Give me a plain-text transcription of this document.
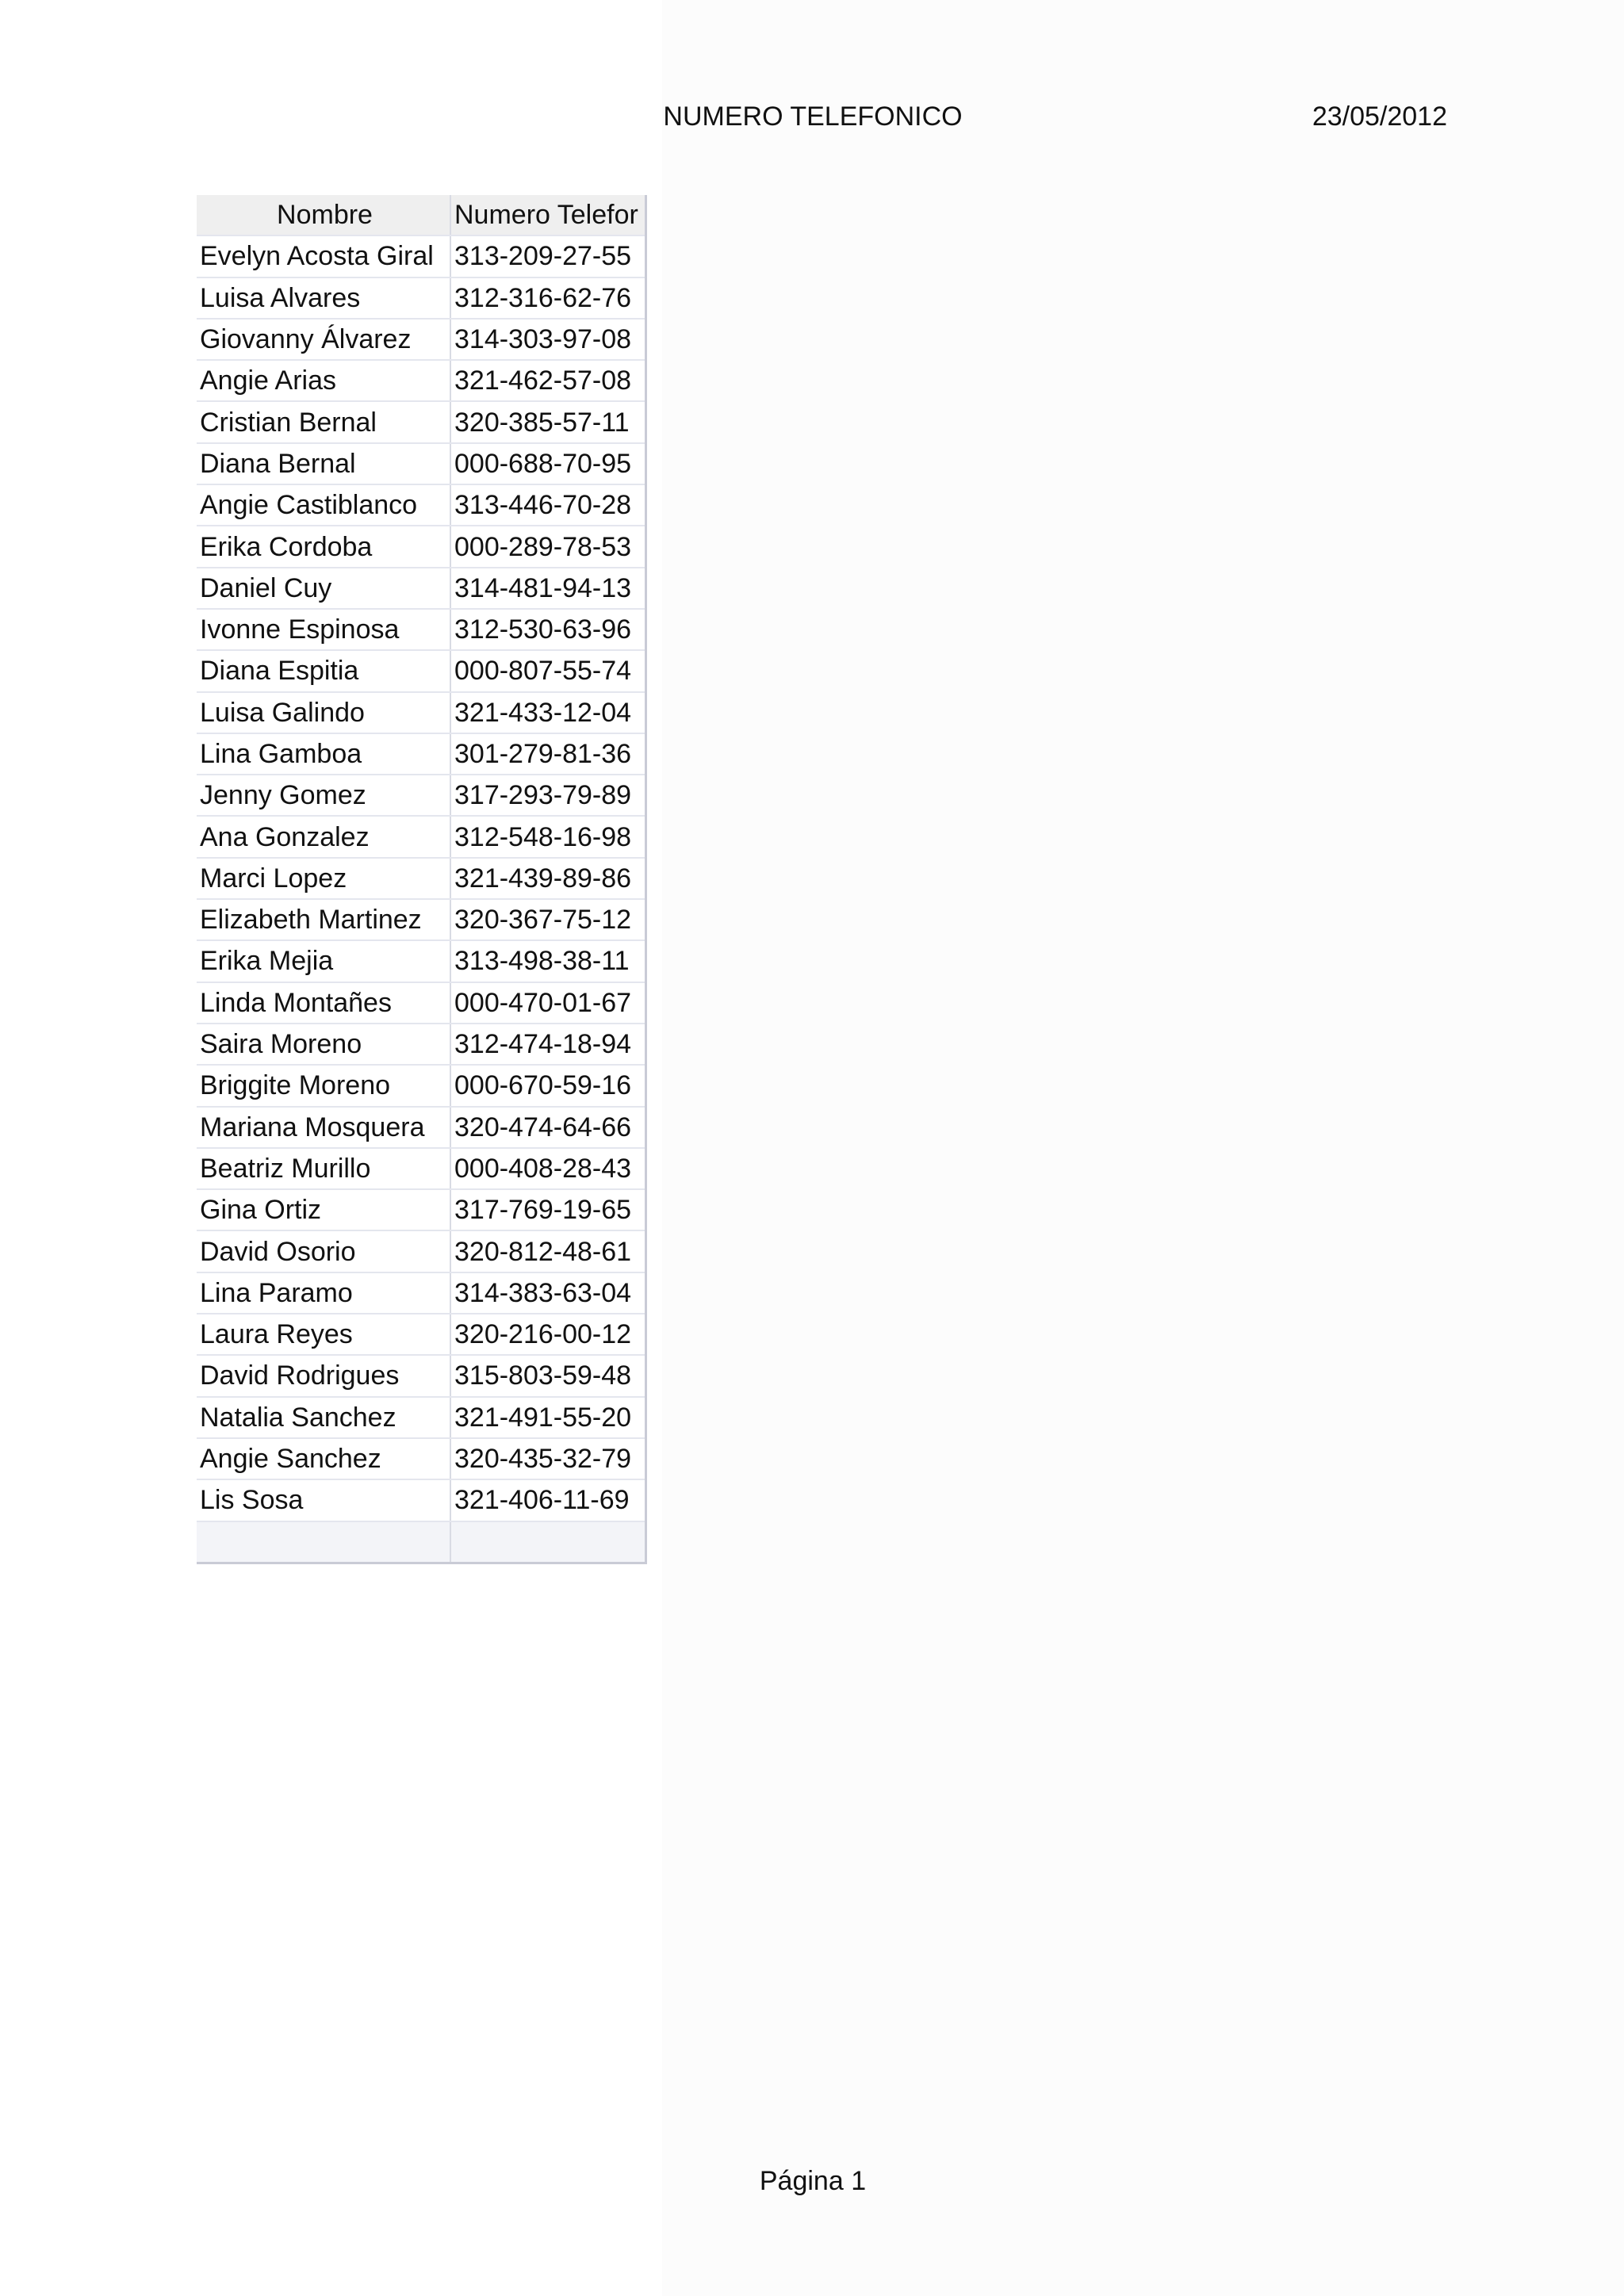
NUMERO TELEFONICO	23/05/2012
Nombre	Numero Telefor
Evelyn Acosta Giral	313-209-27-55
Luisa Alvares	312-316-62-76
Giovanny Álvarez	314-303-97-08
Angie Arias	321-462-57-08
Cristian Bernal	320-385-57-11
Diana Bernal	000-688-70-95
Angie Castiblanco	313-446-70-28
Erika Cordoba	000-289-78-53
Daniel Cuy	314-481-94-13
Ivonne Espinosa	312-530-63-96
Diana Espitia	000-807-55-74
Luisa Galindo	321-433-12-04
Lina Gamboa	301-279-81-36
Jenny Gomez	317-293-79-89
Ana Gonzalez	312-548-16-98
Marci Lopez	321-439-89-86
Elizabeth Martinez	320-367-75-12
Erika Mejia	313-498-38-11
Linda Montañes	000-470-01-67
Saira Moreno	312-474-18-94
Briggite Moreno	000-670-59-16
Mariana Mosquera	320-474-64-66
Beatriz Murillo	000-408-28-43
Gina Ortiz	317-769-19-65
David Osorio	320-812-48-61
Lina Paramo	314-383-63-04
Laura Reyes	320-216-00-12
David Rodrigues	315-803-59-48
Natalia Sanchez	321-491-55-20
Angie Sanchez	320-435-32-79
Lis Sosa	321-406-11-69

Página 1
